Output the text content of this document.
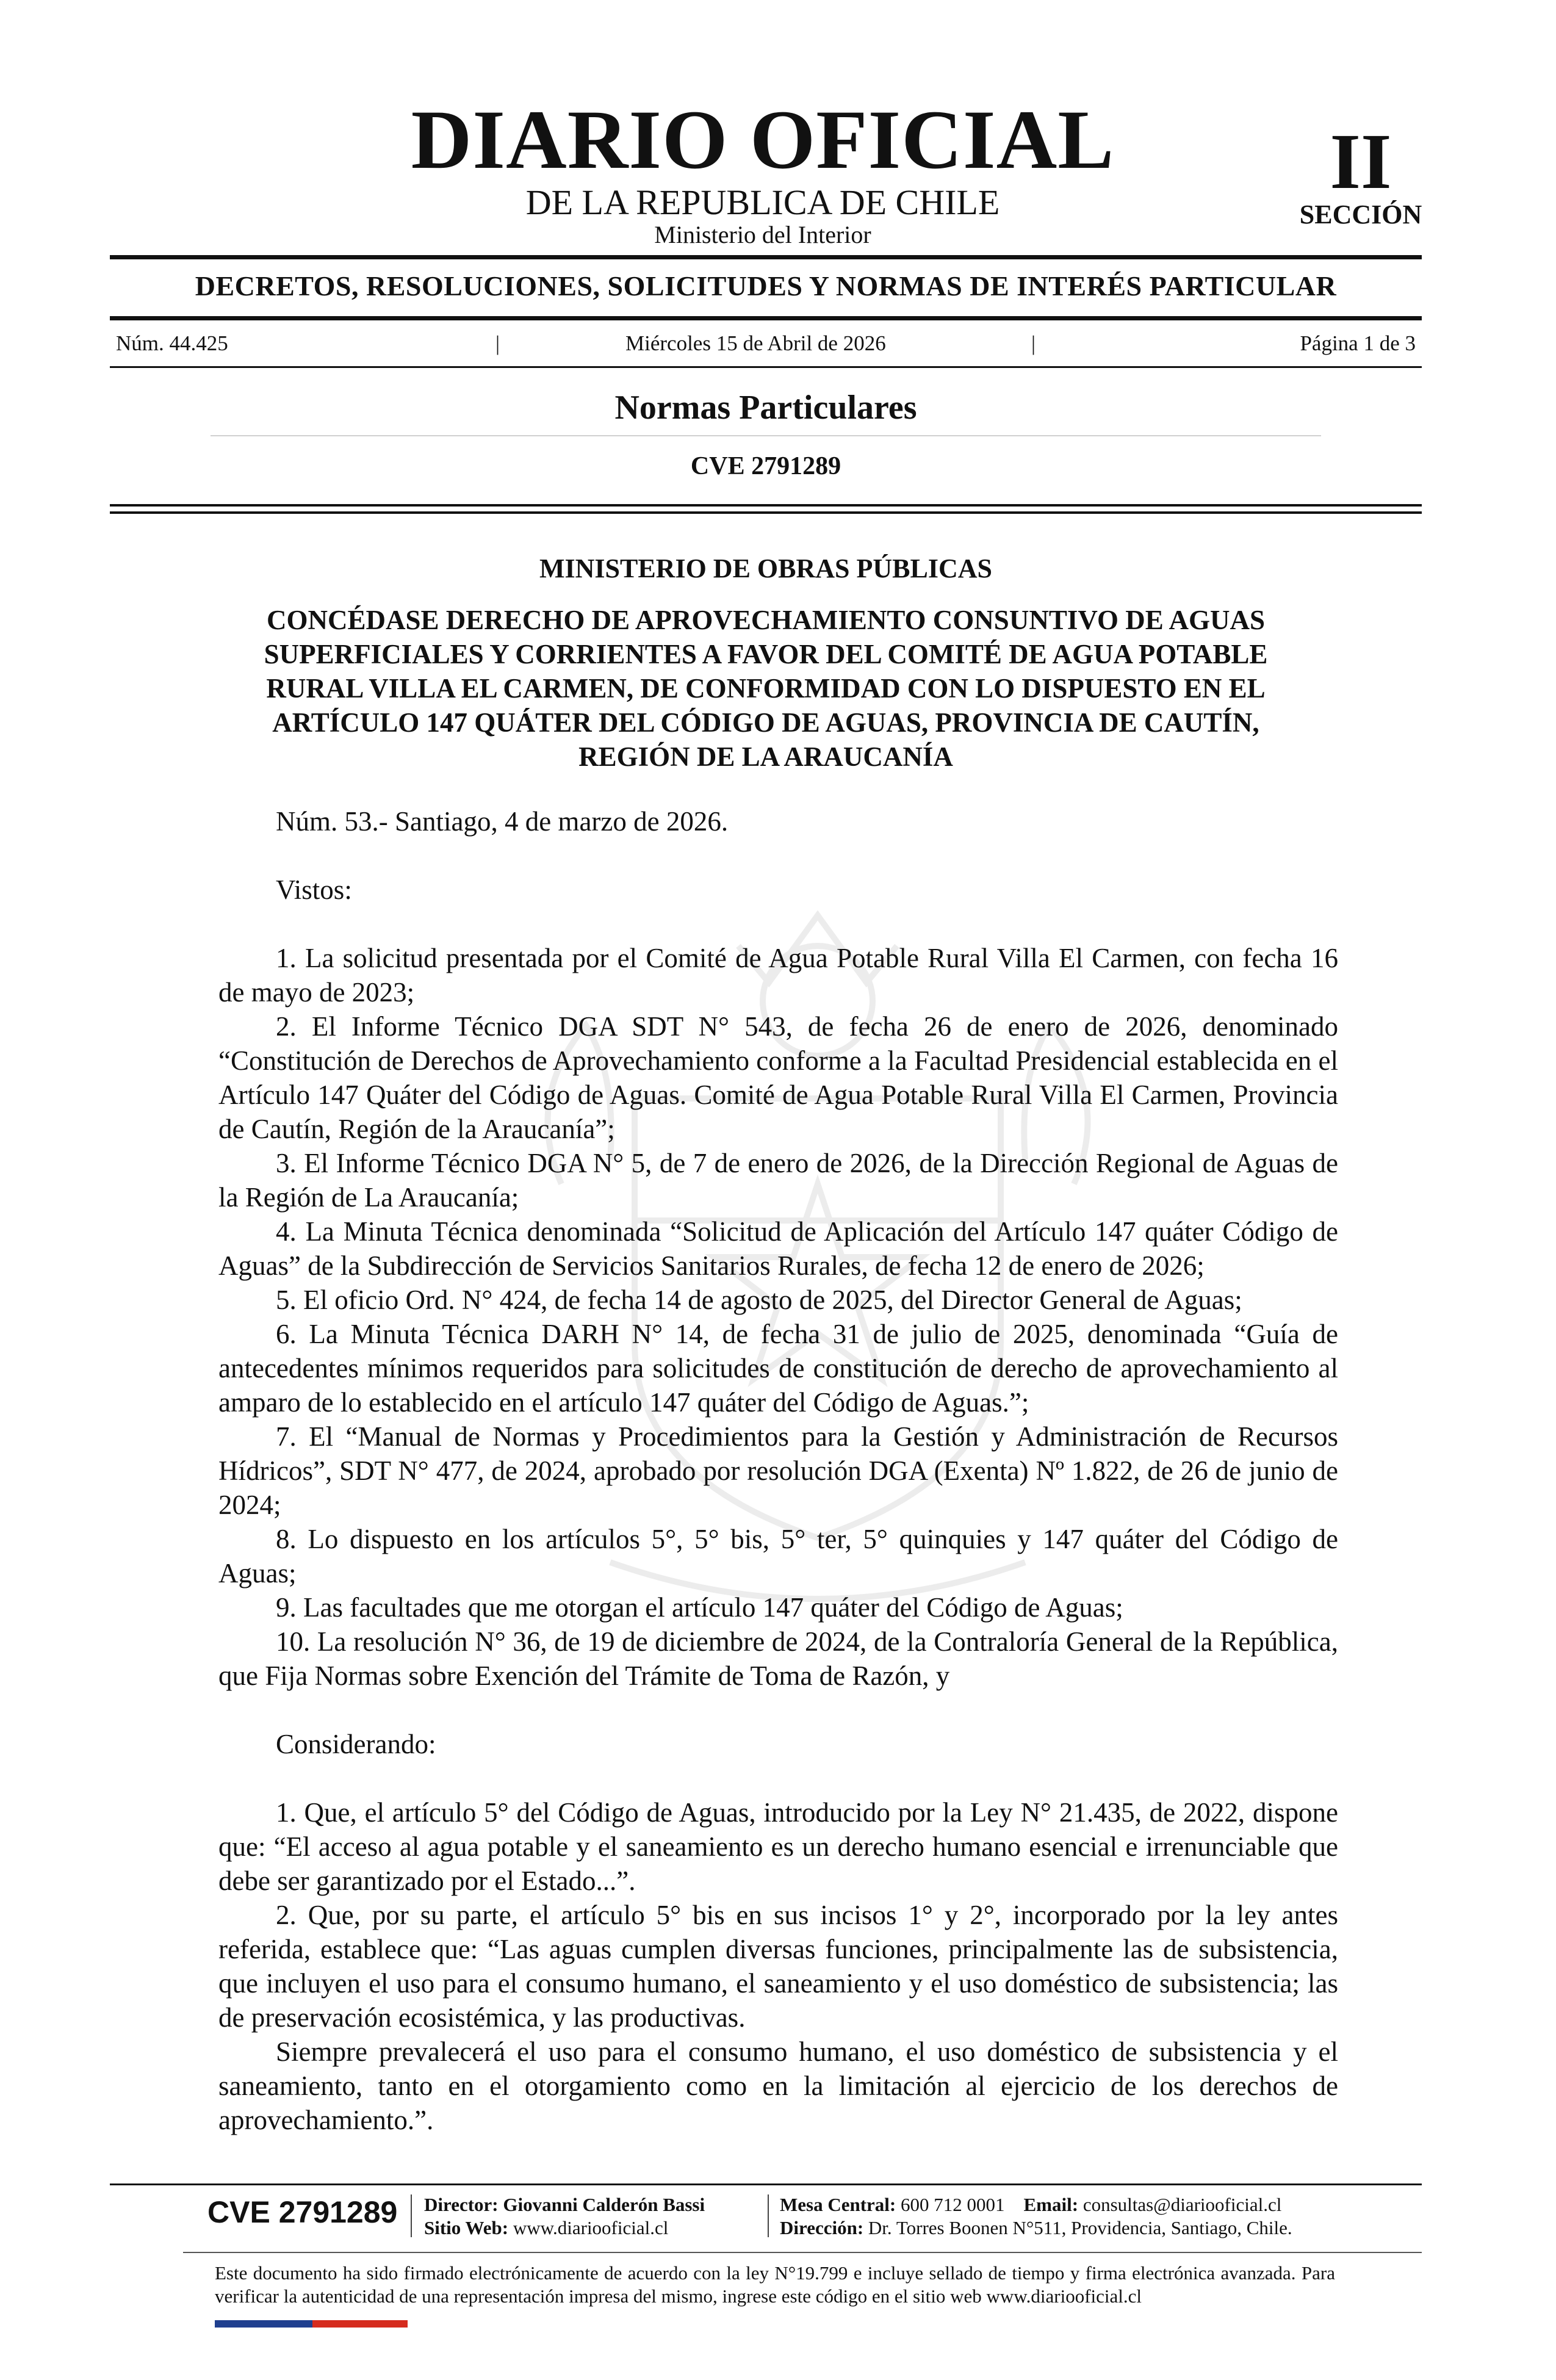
DIARIO OFICIAL
DE LA REPUBLICA DE CHILE
Ministerio del Interior
II
SECCIÓN
DECRETOS, RESOLUCIONES, SOLICITUDES Y NORMAS DE INTERÉS PARTICULAR
Núm. 44.425	|	Miércoles 15 de Abril de 2026	|	Página 1 de 3
Normas Particulares
CVE 2791289
MINISTERIO DE OBRAS PÚBLICAS
CONCÉDASE DERECHO DE APROVECHAMIENTO CONSUNTIVO DE AGUAS
SUPERFICIALES Y CORRIENTES A FAVOR DEL COMITÉ DE AGUA POTABLE
RURAL VILLA EL CARMEN, DE CONFORMIDAD CON LO DISPUESTO EN EL
ARTÍCULO 147 QUÁTER DEL CÓDIGO DE AGUAS, PROVINCIA DE CAUTÍN,
REGIÓN DE LA ARAUCANÍA

Núm. 53.- Santiago, 4 de marzo de 2026.

Vistos:

1. La solicitud presentada por el Comité de Agua Potable Rural Villa El Carmen, con fecha 16 de mayo de 2023;

2. El Informe Técnico DGA SDT N° 543, de fecha 26 de enero de 2026, denominado “Constitución de Derechos de Aprovechamiento conforme a la Facultad Presidencial establecida en el Artículo 147 Quáter del Código de Aguas. Comité de Agua Potable Rural Villa El Carmen, Provincia de Cautín, Región de la Araucanía”;

3. El Informe Técnico DGA N° 5, de 7 de enero de 2026, de la Dirección Regional de Aguas de la Región de La Araucanía;

4. La Minuta Técnica denominada “Solicitud de Aplicación del Artículo 147 quáter Código de Aguas” de la Subdirección de Servicios Sanitarios Rurales, de fecha 12 de enero de 2026;

5. El oficio Ord. N° 424, de fecha 14 de agosto de 2025, del Director General de Aguas;

6. La Minuta Técnica DARH N° 14, de fecha 31 de julio de 2025, denominada “Guía de antecedentes mínimos requeridos para solicitudes de constitución de derecho de aprovechamiento al amparo de lo establecido en el artículo 147 quáter del Código de Aguas.”;

7. El “Manual de Normas y Procedimientos para la Gestión y Administración de Recursos Hídricos”, SDT N° 477, de 2024, aprobado por resolución DGA (Exenta) Nº 1.822, de 26 de junio de 2024;

8. Lo dispuesto en los artículos 5°, 5° bis, 5° ter, 5° quinquies y 147 quáter del Código de Aguas;

9. Las facultades que me otorgan el artículo 147 quáter del Código de Aguas;

10. La resolución N° 36, de 19 de diciembre de 2024, de la Contraloría General de la República, que Fija Normas sobre Exención del Trámite de Toma de Razón, y

Considerando:

1. Que, el artículo 5° del Código de Aguas, introducido por la Ley N° 21.435, de 2022, dispone que: “El acceso al agua potable y el saneamiento es un derecho humano esencial e irrenunciable que debe ser garantizado por el Estado...”.

2. Que, por su parte, el artículo 5° bis en sus incisos 1° y 2°, incorporado por la ley antes referida, establece que: “Las aguas cumplen diversas funciones, principalmente las de subsistencia, que incluyen el uso para el consumo humano, el saneamiento y el uso doméstico de subsistencia; las de preservación ecosistémica, y las productivas.

Siempre prevalecerá el uso para el consumo humano, el uso doméstico de subsistencia y el saneamiento, tanto en el otorgamiento como en la limitación al ejercicio de los derechos de aprovechamiento.”.

CVE 2791289 Director: Giovanni Calderón Bassi
Sitio Web: www.diariooficial.cl
Mesa Central: 600 712 0001 Email: consultas@diariooficial.cl
Dirección: Dr. Torres Boonen N°511, Providencia, Santiago, Chile.
Este documento ha sido firmado electrónicamente de acuerdo con la ley N°19.799 e incluye sellado de tiempo y firma electrónica avanzada. Para verificar la autenticidad de una representación impresa del mismo, ingrese este código en el sitio web www.diariooficial.cl
